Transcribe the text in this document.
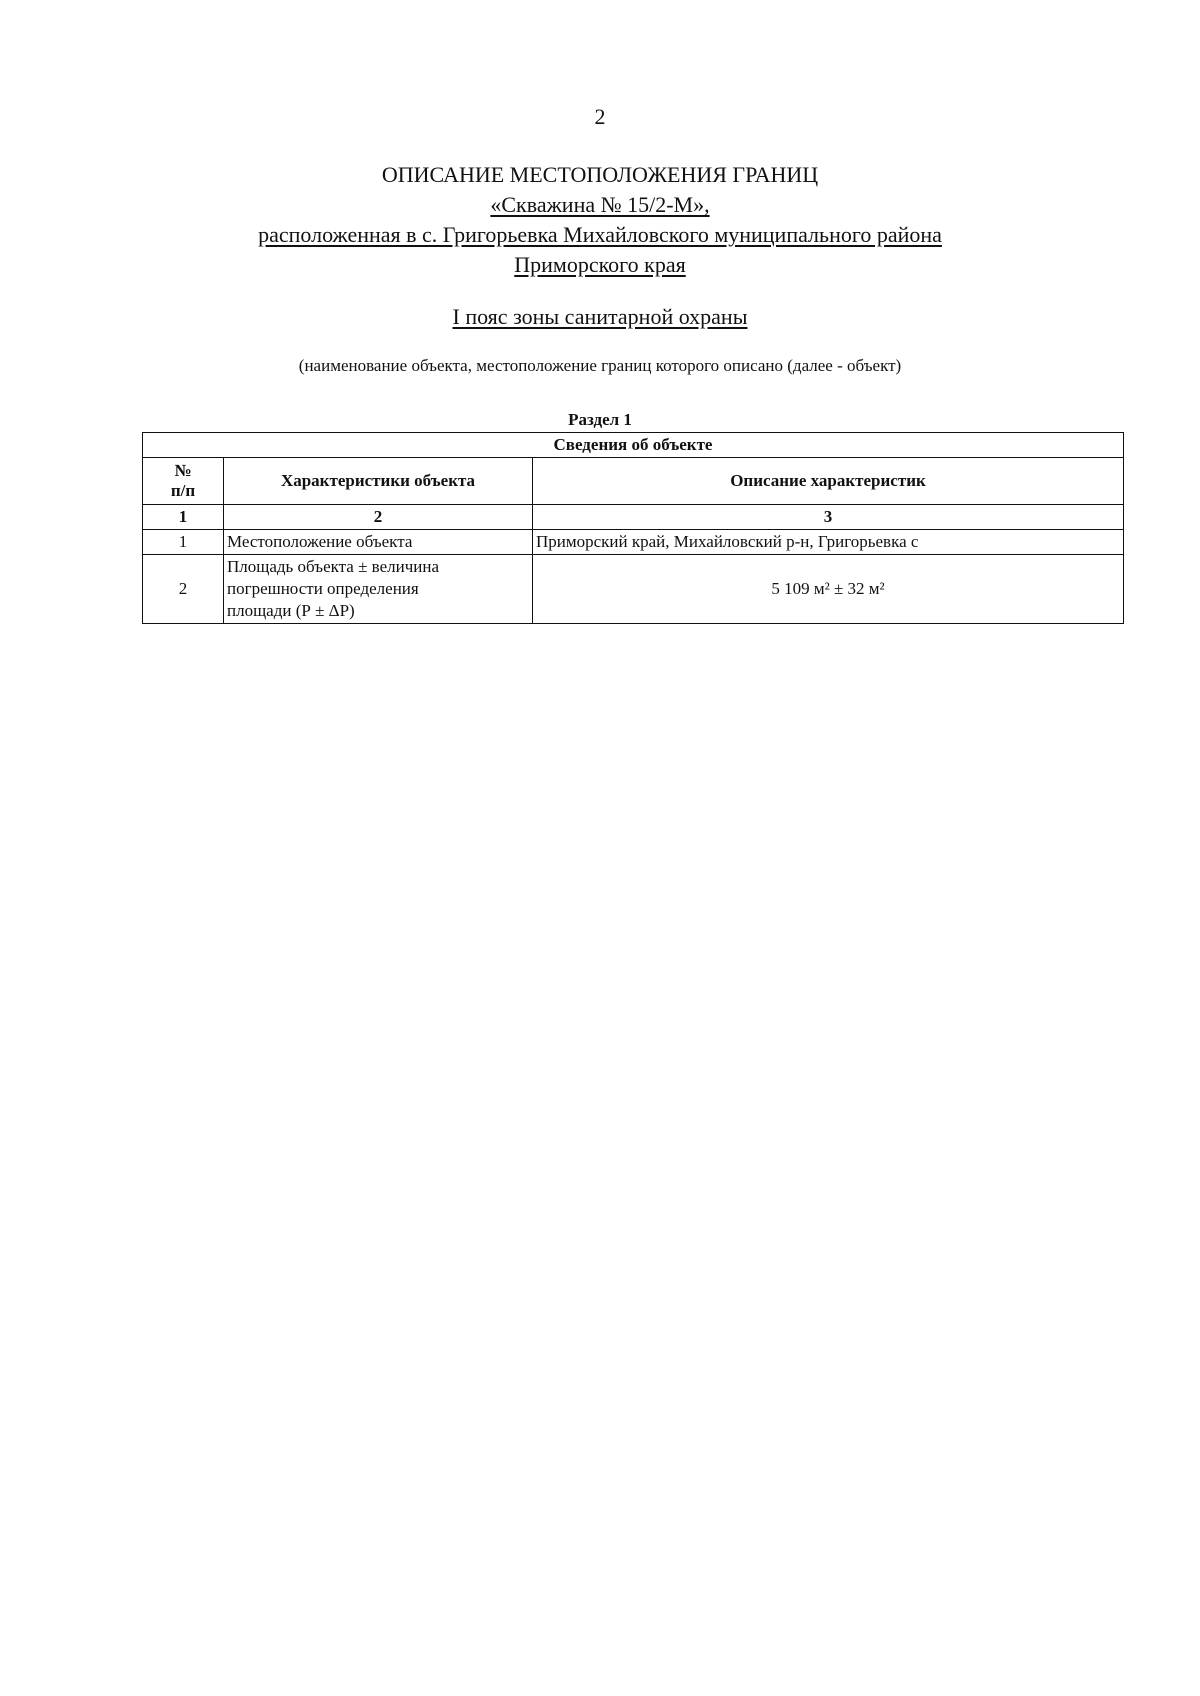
2
ОПИСАНИЕ МЕСТОПОЛОЖЕНИЯ ГРАНИЦ
«Скважина № 15/2-М»,
расположенная в с. Григорьевка Михайловского муниципального района
Приморского края
I пояс зоны санитарной охраны
(наименование объекта, местоположение границ которого описано (далее - объект)
Раздел 1
Сведения об объекте		

№
п/п	Характеристики объекта	Описание характеристик
1	2	3
1	Местоположение объекта	Приморский край, Михайловский р-н, Григорьевка с
2	Площадь объекта ± величина
погрешности определения
площади (Р ± ΔР)	5 109 м² ± 32 м²
